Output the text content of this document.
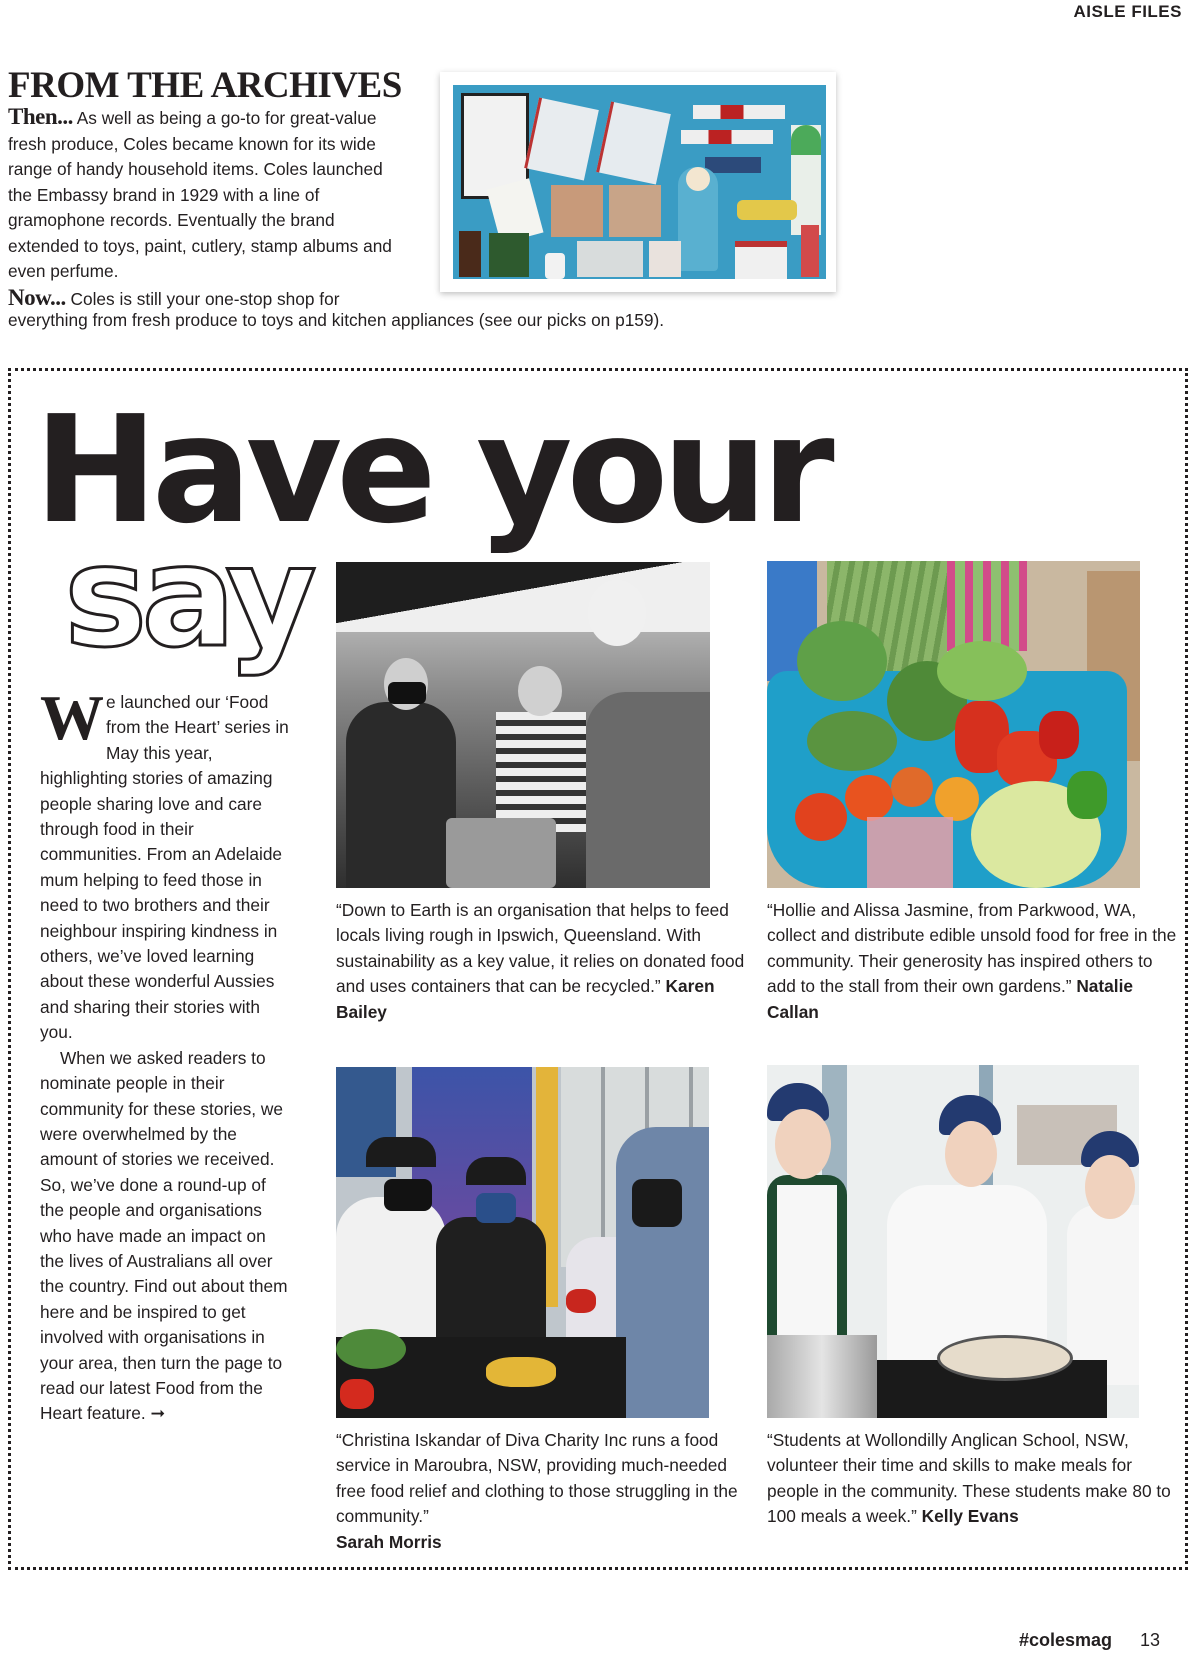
AISLE FILES
FROM THE ARCHIVES
Then... As well as being a go-to for great-value fresh produce, Coles became known for its wide range of handy household items. Coles launched the Embassy brand in 1929 with a line of gramophone records. Eventually the brand extended to toys, paint, cutlery, stamp albums and even perfume.
Now... Coles is still your one-stop shop for
everything from fresh produce to toys and kitchen appliances (see our picks on p159).
Have your
say
W e launched our ‘Food from the Heart’ series in May this year, highlighting stories of amazing people sharing love and care through food in their communities. From an Adelaide mum helping to feed those in need to two brothers and their neighbour inspiring kindness in others, we’ve loved learning about these wonderful Aussies and sharing their stories with you.

When we asked readers to nominate people in their community for these stories, we were overwhelmed by the amount of stories we received. So, we’ve done a round-up of the people and organisations who have made an impact on the lives of Australians all over the country. Find out about them here and be inspired to get involved with organisations in your area, then turn the page to read our latest Food from the Heart feature. ➞

“Down to Earth is an organisation that helps to feed locals living rough in Ipswich, Queensland. With sustainability as a key value, it relies on donated food and uses containers that can be recycled.” Karen Bailey
“Hollie and Alissa Jasmine, from Parkwood, WA, collect and distribute edible unsold food for free in the community. Their generosity has inspired others to add to the stall from their own gardens.” Natalie Callan
“Christina Iskandar of Diva Charity Inc runs a food service in Maroubra, NSW, providing much-needed free food relief and clothing to those struggling in the community.”
Sarah Morris
“Students at Wollondilly Anglican School, NSW, volunteer their time and skills to make meals for people in the community. These students make 80 to 100 meals a week.” Kelly Evans
#colesmag 13
